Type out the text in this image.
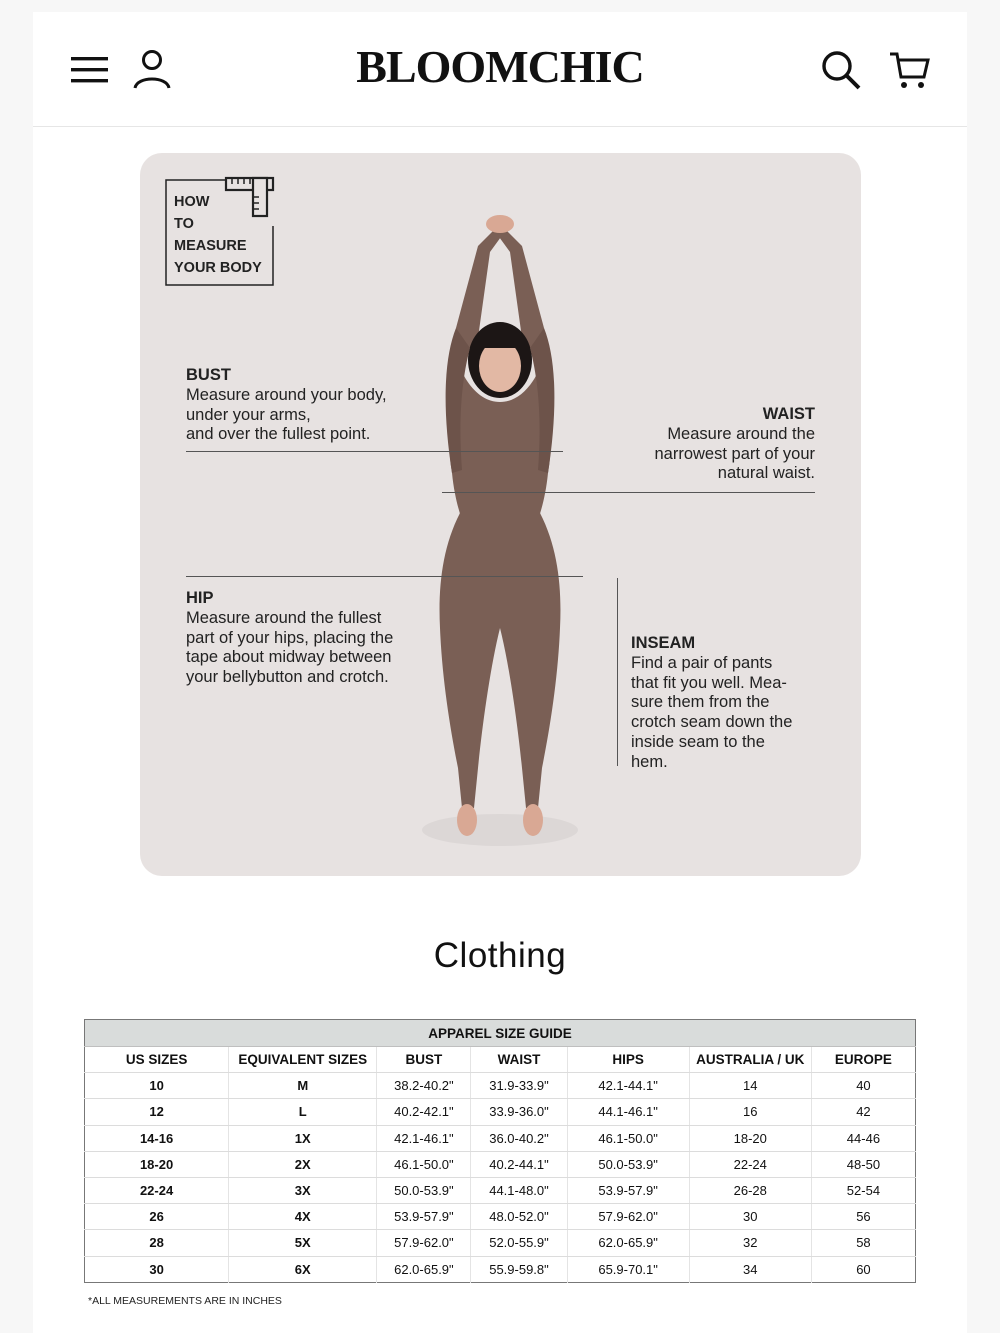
BLOOMCHIC
HOW
TO
MEASURE
YOUR BODY
BUST
Measure around your body,
under your arms,
and over the fullest point.
WAIST
Measure around the
narrowest part of your
natural waist.
HIP
Measure around the fullest
part of your hips, placing the
tape about midway between
your bellybutton and crotch.
INSEAM
Find a pair of pants
that fit you well. Mea-
sure them from the
crotch seam down the
inside seam to the
hem.
Clothing
APPAREL SIZE GUIDE						
US SIZES	EQUIVALENT SIZES	BUST	WAIST	HIPS	AUSTRALIA / UK	EUROPE
10	M	38.2-40.2"	31.9-33.9"	42.1-44.1"	14	40
12	L	40.2-42.1"	33.9-36.0"	44.1-46.1"	16	42
14-16	1X	42.1-46.1"	36.0-40.2"	46.1-50.0"	18-20	44-46
18-20	2X	46.1-50.0"	40.2-44.1"	50.0-53.9"	22-24	48-50
22-24	3X	50.0-53.9"	44.1-48.0"	53.9-57.9"	26-28	52-54
26	4X	53.9-57.9"	48.0-52.0"	57.9-62.0"	30	56
28	5X	57.9-62.0"	52.0-55.9"	62.0-65.9"	32	58
30	6X	62.0-65.9"	55.9-59.8"	65.9-70.1"	34	60
*ALL MEASUREMENTS ARE IN INCHES
